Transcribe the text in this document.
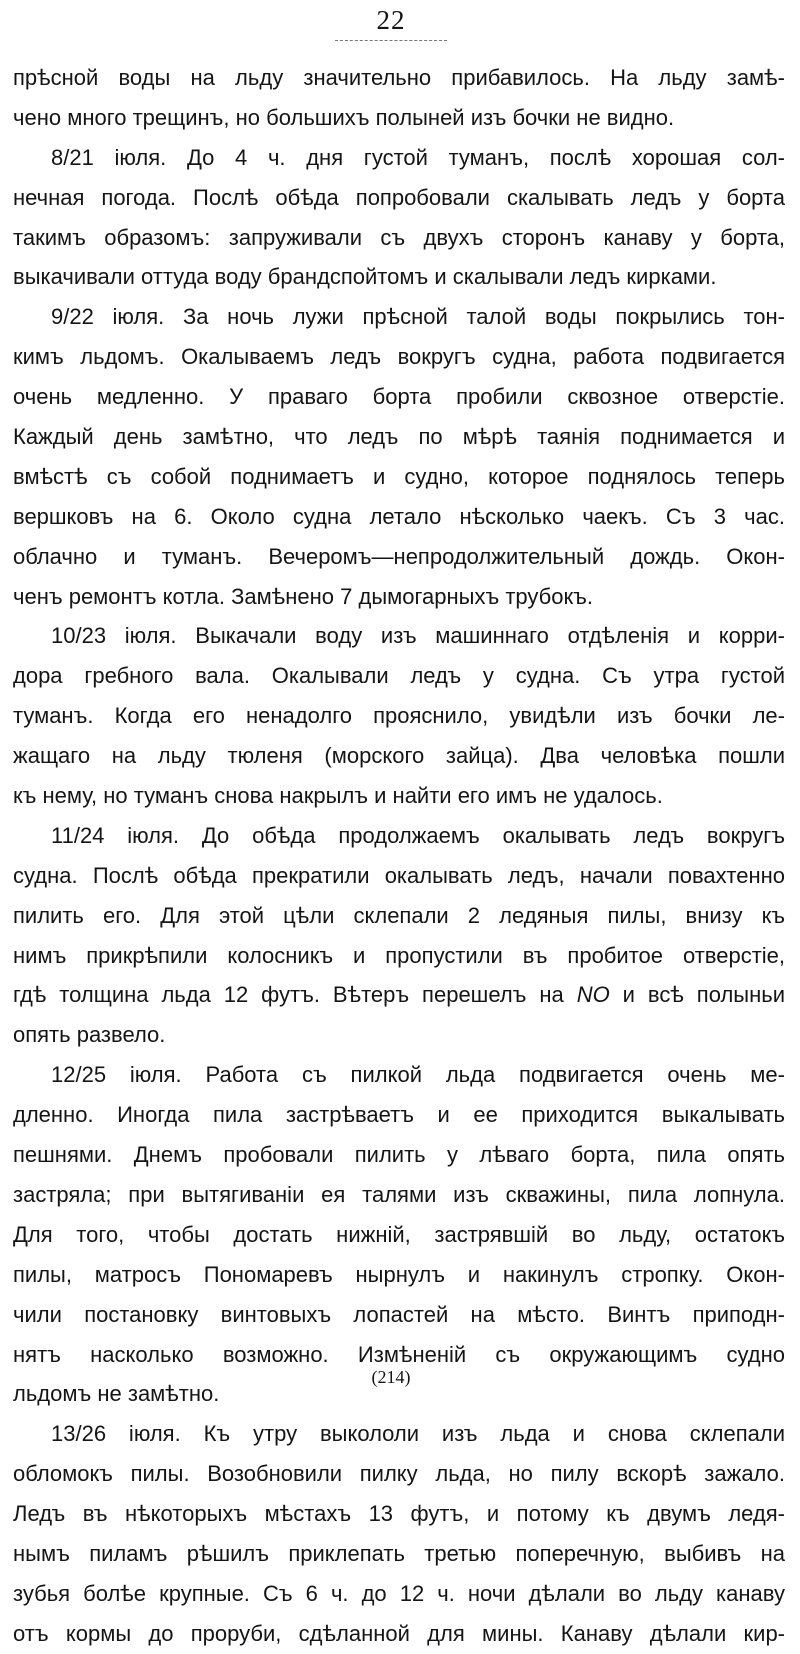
22
прѣсной воды на льду значительно прибавилось. На льду замѣ-
чено много трещинъ, но большихъ полыней изъ бочки не видно.
8/21 іюля. До 4 ч. дня густой туманъ, послѣ хорошая сол-
нечная погода. Послѣ обѣда попробовали скалывать ледъ у борта
такимъ образомъ: запруживали съ двухъ сторонъ канаву у борта,
выкачивали оттуда воду брандспойтомъ и скалывали ледъ кирками.
9/22 іюля. За ночь лужи прѣсной талой воды покрылись тон-
кимъ льдомъ. Окалываемъ ледъ вокругъ судна, работа подвигается
очень медленно. У праваго борта пробили сквозное отверстіе.
Каждый день замѣтно, что ледъ по мѣрѣ таянія поднимается и
вмѣстѣ съ собой поднимаетъ и судно, которое поднялось теперь
вершковъ на 6. Около судна летало нѣсколько чаекъ. Съ 3 час.
облачно и туманъ. Вечеромъ—непродолжительный дождь. Окон-
ченъ ремонтъ котла. Замѣнено 7 дымогарныхъ трубокъ.
10/23 іюля. Выкачали воду изъ машиннаго отдѣленія и корри-
дора гребного вала. Окалывали ледъ у судна. Съ утра густой
туманъ. Когда его ненадолго прояснило, увидѣли изъ бочки ле-
жащаго на льду тюленя (морского зайца). Два человѣка пошли
къ нему, но туманъ снова накрылъ и найти его имъ не удалось.
11/24 іюля. До обѣда продолжаемъ окалывать ледъ вокругъ
судна. Послѣ обѣда прекратили окалывать ледъ, начали повахтенно
пилить его. Для этой цѣли склепали 2 ледяныя пилы, внизу къ
нимъ прикрѣпили колосникъ и пропустили въ пробитое отверстіе,
гдѣ толщина льда 12 футъ. Вѣтеръ перешелъ на NO и всѣ полыньи
опять развело.
12/25 іюля. Работа съ пилкой льда подвигается очень ме-
дленно. Иногда пила застрѣваетъ и ее приходится выкалывать
пешнями. Днемъ пробовали пилить у лѣваго борта, пила опять
застряла; при вытягиваніи ея талями изъ скважины, пила лопнула.
Для того, чтобы достать нижній, застрявшій во льду, остатокъ
пилы, матросъ Пономаревъ нырнулъ и накинулъ стропку. Окон-
чили постановку винтовыхъ лопастей на мѣсто. Винтъ приподн-
нятъ насколько возможно. Измѣненій съ окружающимъ судно
льдомъ не замѣтно.
13/26 іюля. Къ утру выкололи изъ льда и снова склепали
обломокъ пилы. Возобновили пилку льда, но пилу вскорѣ зажало.
Ледъ въ нѣкоторыхъ мѣстахъ 13 футъ, и потому къ двумъ ледя-
нымъ пиламъ рѣшилъ приклепать третью поперечную, выбивъ на
зубья болѣе крупные. Съ 6 ч. до 12 ч. ночи дѣлали во льду канаву
отъ кормы до проруби, сдѣланной для мины. Канаву дѣлали кир-
(214)
